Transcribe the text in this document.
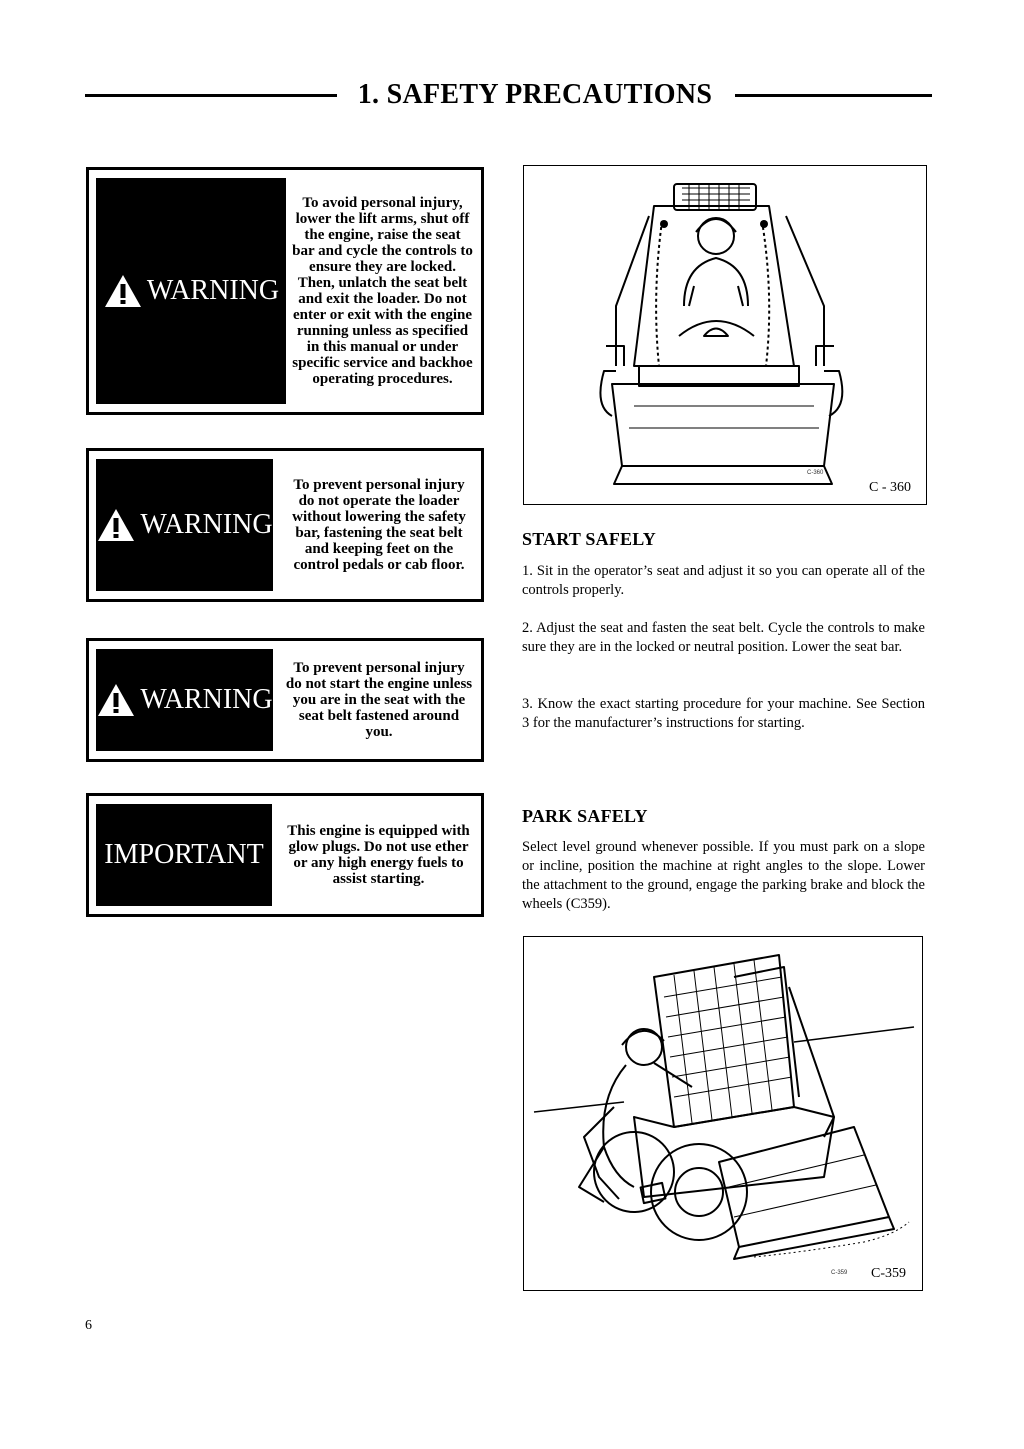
1. SAFETY PRECAUTIONS
WARNING
To avoid personal injury, lower the lift arms, shut off the engine, raise the seat bar and cycle the controls to ensure they are locked. Then, unlatch the seat belt and exit the loader. Do not enter or exit with the engine running unless as specified in this manual or under specific service and backhoe operating procedures.
WARNING
To prevent personal injury do not operate the loader without lowering the safety bar, fastening the seat belt and keeping feet on the control pedals or cab floor.
WARNING
To prevent personal injury do not start the engine unless you are in the seat with the seat belt fastened around you.
IMPORTANT
This engine is equipped with glow plugs. Do not use ether or any high energy fuels to assist starting.
C-360
C - 360
START SAFELY
1. Sit in the operator’s seat and adjust it so you can operate all of the controls properly.
2. Adjust the seat and fasten the seat belt. Cycle the controls to make sure they are in the locked or neutral position. Lower the seat bar.
3. Know the exact starting procedure for your machine. See Section 3 for the manufacturer’s instructions for starting.
PARK SAFELY
Select level ground whenever possible. If you must park on a slope or incline, position the machine at right angles to the slope. Lower the attachment to the ground, engage the parking brake and block the wheels (C359).
C-359 C-359
6
